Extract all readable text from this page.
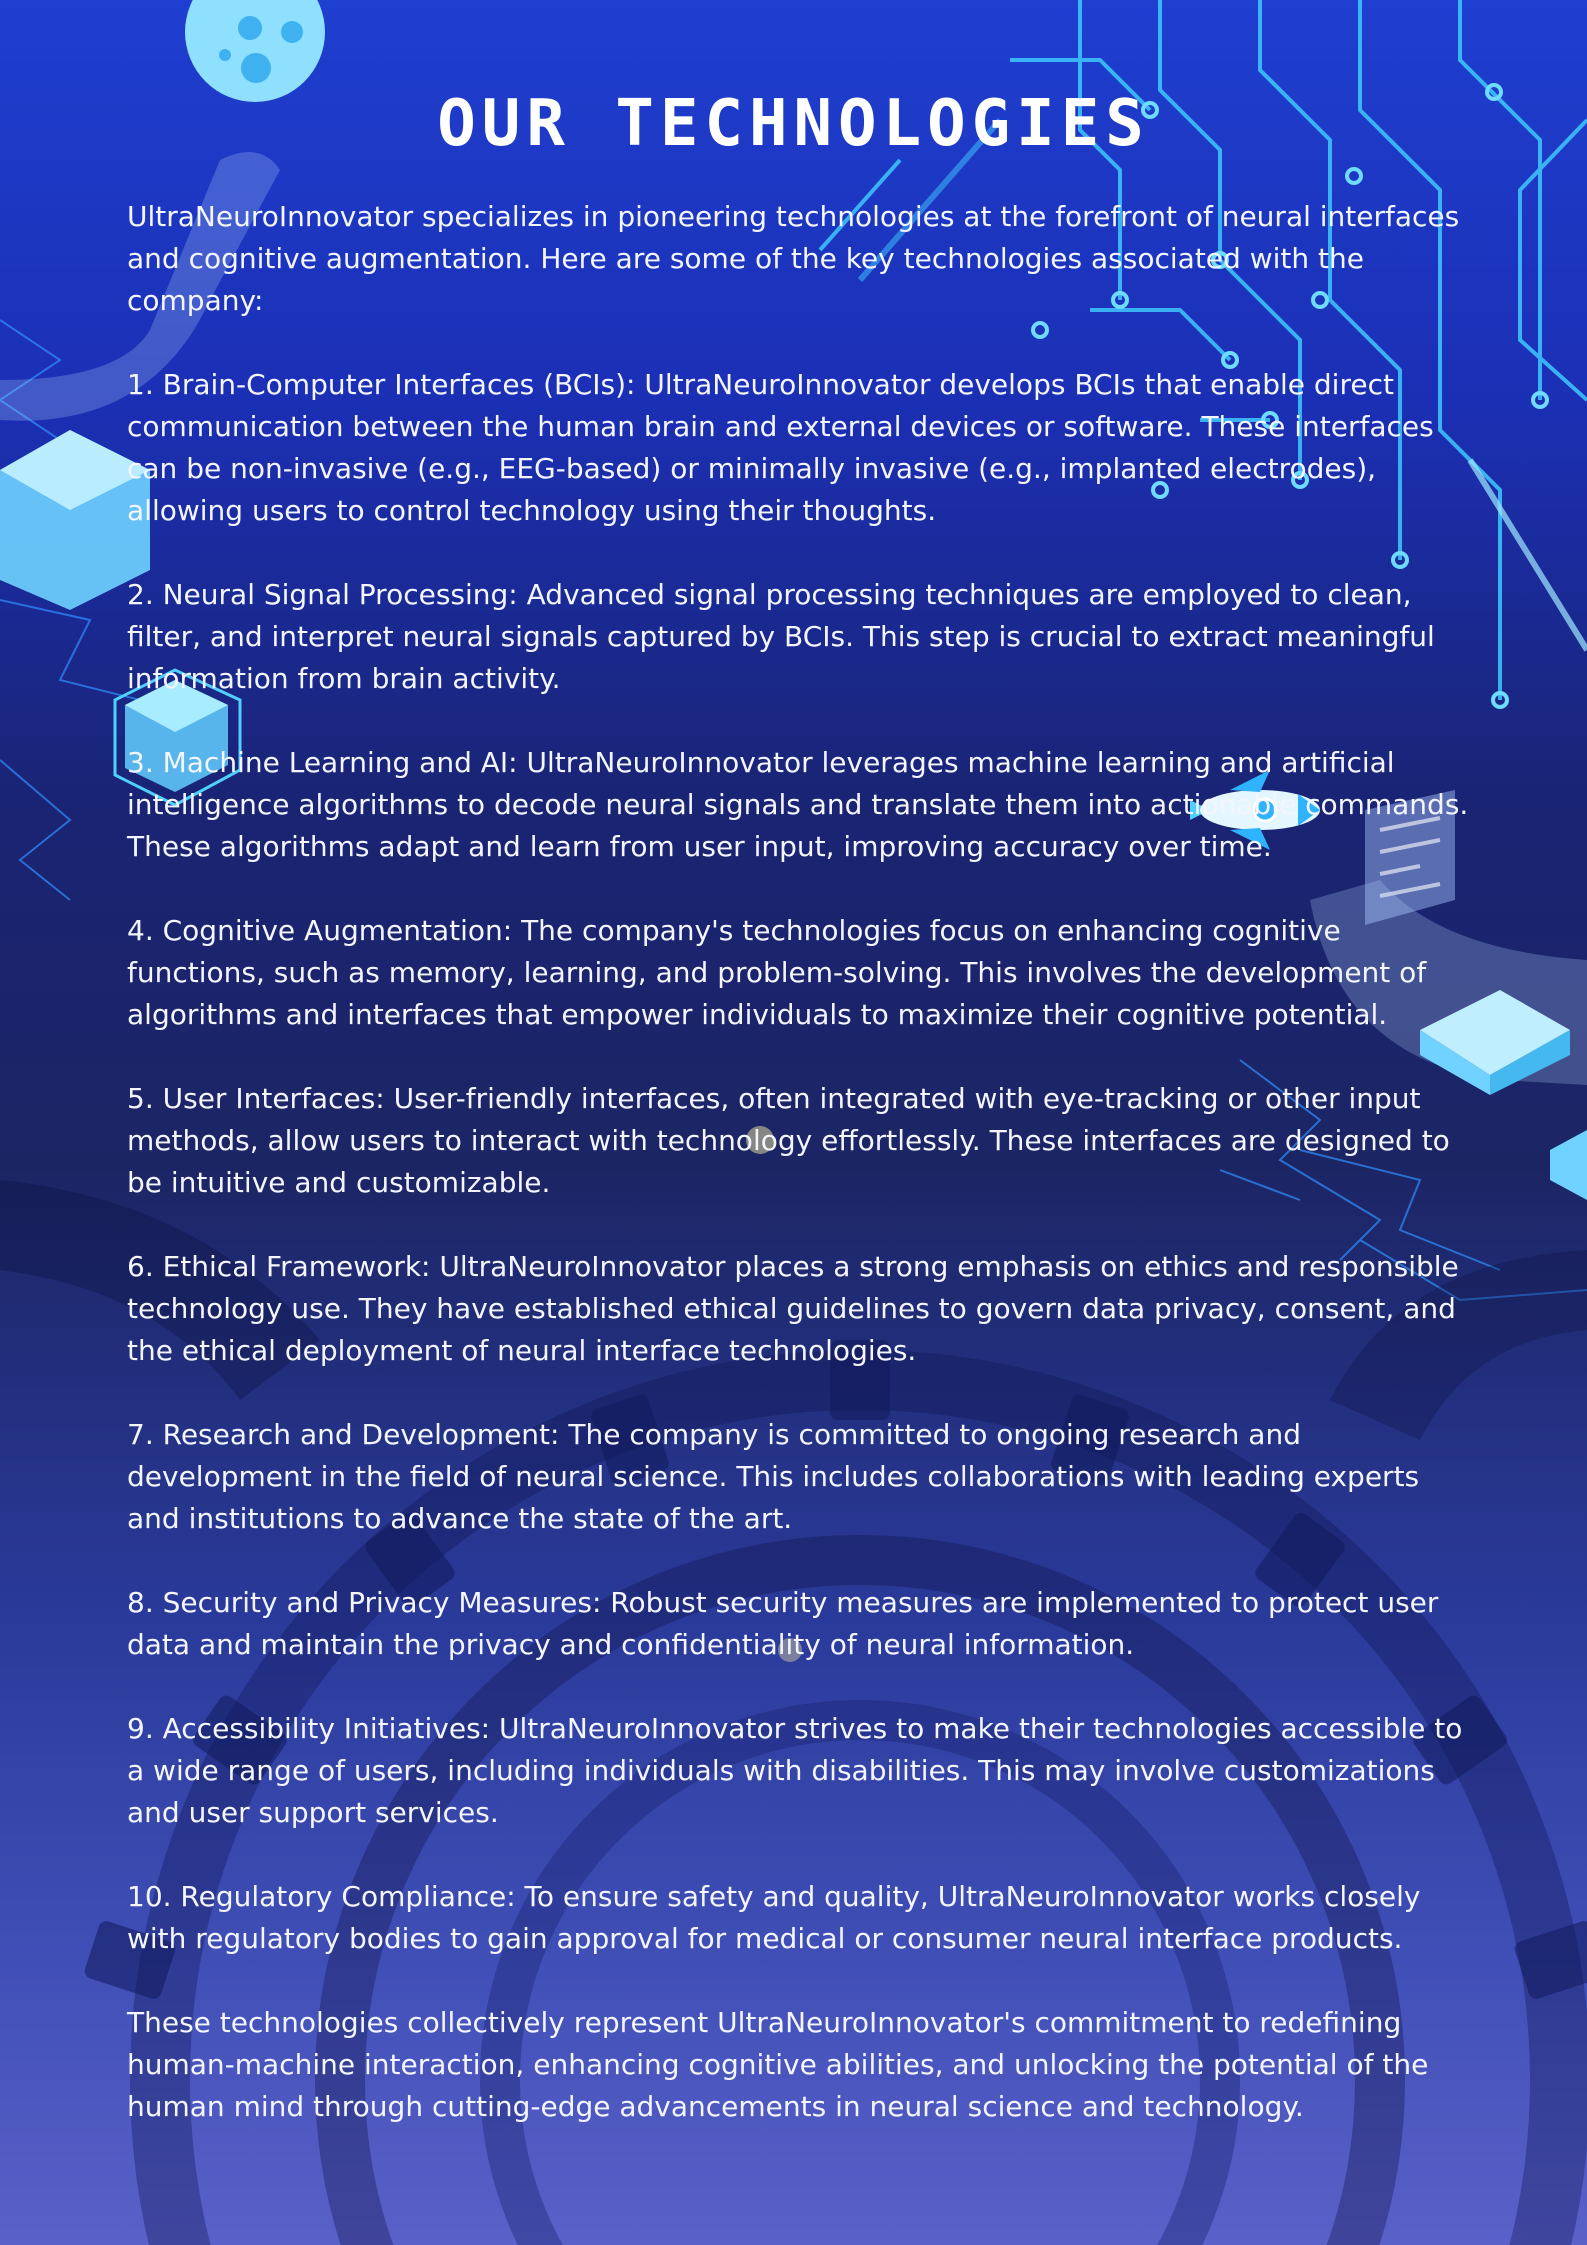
OUR TECHNOLOGIES

UltraNeuroInnovator specializes in pioneering technologies at the forefront of neural interfaces and cognitive augmentation. Here are some of the key technologies associated with the company:

1. Brain-Computer Interfaces (BCIs): UltraNeuroInnovator develops BCIs that enable direct communication between the human brain and external devices or software. These interfaces can be non-invasive (e.g., EEG-based) or minimally invasive (e.g., implanted electrodes), allowing users to control technology using their thoughts.

2. Neural Signal Processing: Advanced signal processing techniques are employed to clean, filter, and interpret neural signals captured by BCIs. This step is crucial to extract meaningful information from brain activity.

3. Machine Learning and AI: UltraNeuroInnovator leverages machine learning and artificial intelligence algorithms to decode neural signals and translate them into actionable commands. These algorithms adapt and learn from user input, improving accuracy over time.

4. Cognitive Augmentation: The company's technologies focus on enhancing cognitive functions, such as memory, learning, and problem-solving. This involves the development of algorithms and interfaces that empower individuals to maximize their cognitive potential.

5. User Interfaces: User-friendly interfaces, often integrated with eye-tracking or other input methods, allow users to interact with technology effortlessly. These interfaces are designed to be intuitive and customizable.

6. Ethical Framework: UltraNeuroInnovator places a strong emphasis on ethics and responsible technology use. They have established ethical guidelines to govern data privacy, consent, and the ethical deployment of neural interface technologies.

7. Research and Development: The company is committed to ongoing research and development in the field of neural science. This includes collaborations with leading experts and institutions to advance the state of the art.

8. Security and Privacy Measures: Robust security measures are implemented to protect user data and maintain the privacy and confidentiality of neural information.

9. Accessibility Initiatives: UltraNeuroInnovator strives to make their technologies accessible to a wide range of users, including individuals with disabilities. This may involve customizations and user support services.

10. Regulatory Compliance: To ensure safety and quality, UltraNeuroInnovator works closely with regulatory bodies to gain approval for medical or consumer neural interface products.

These technologies collectively represent UltraNeuroInnovator's commitment to redefining human-machine interaction, enhancing cognitive abilities, and unlocking the potential of the human mind through cutting-edge advancements in neural science and technology.
